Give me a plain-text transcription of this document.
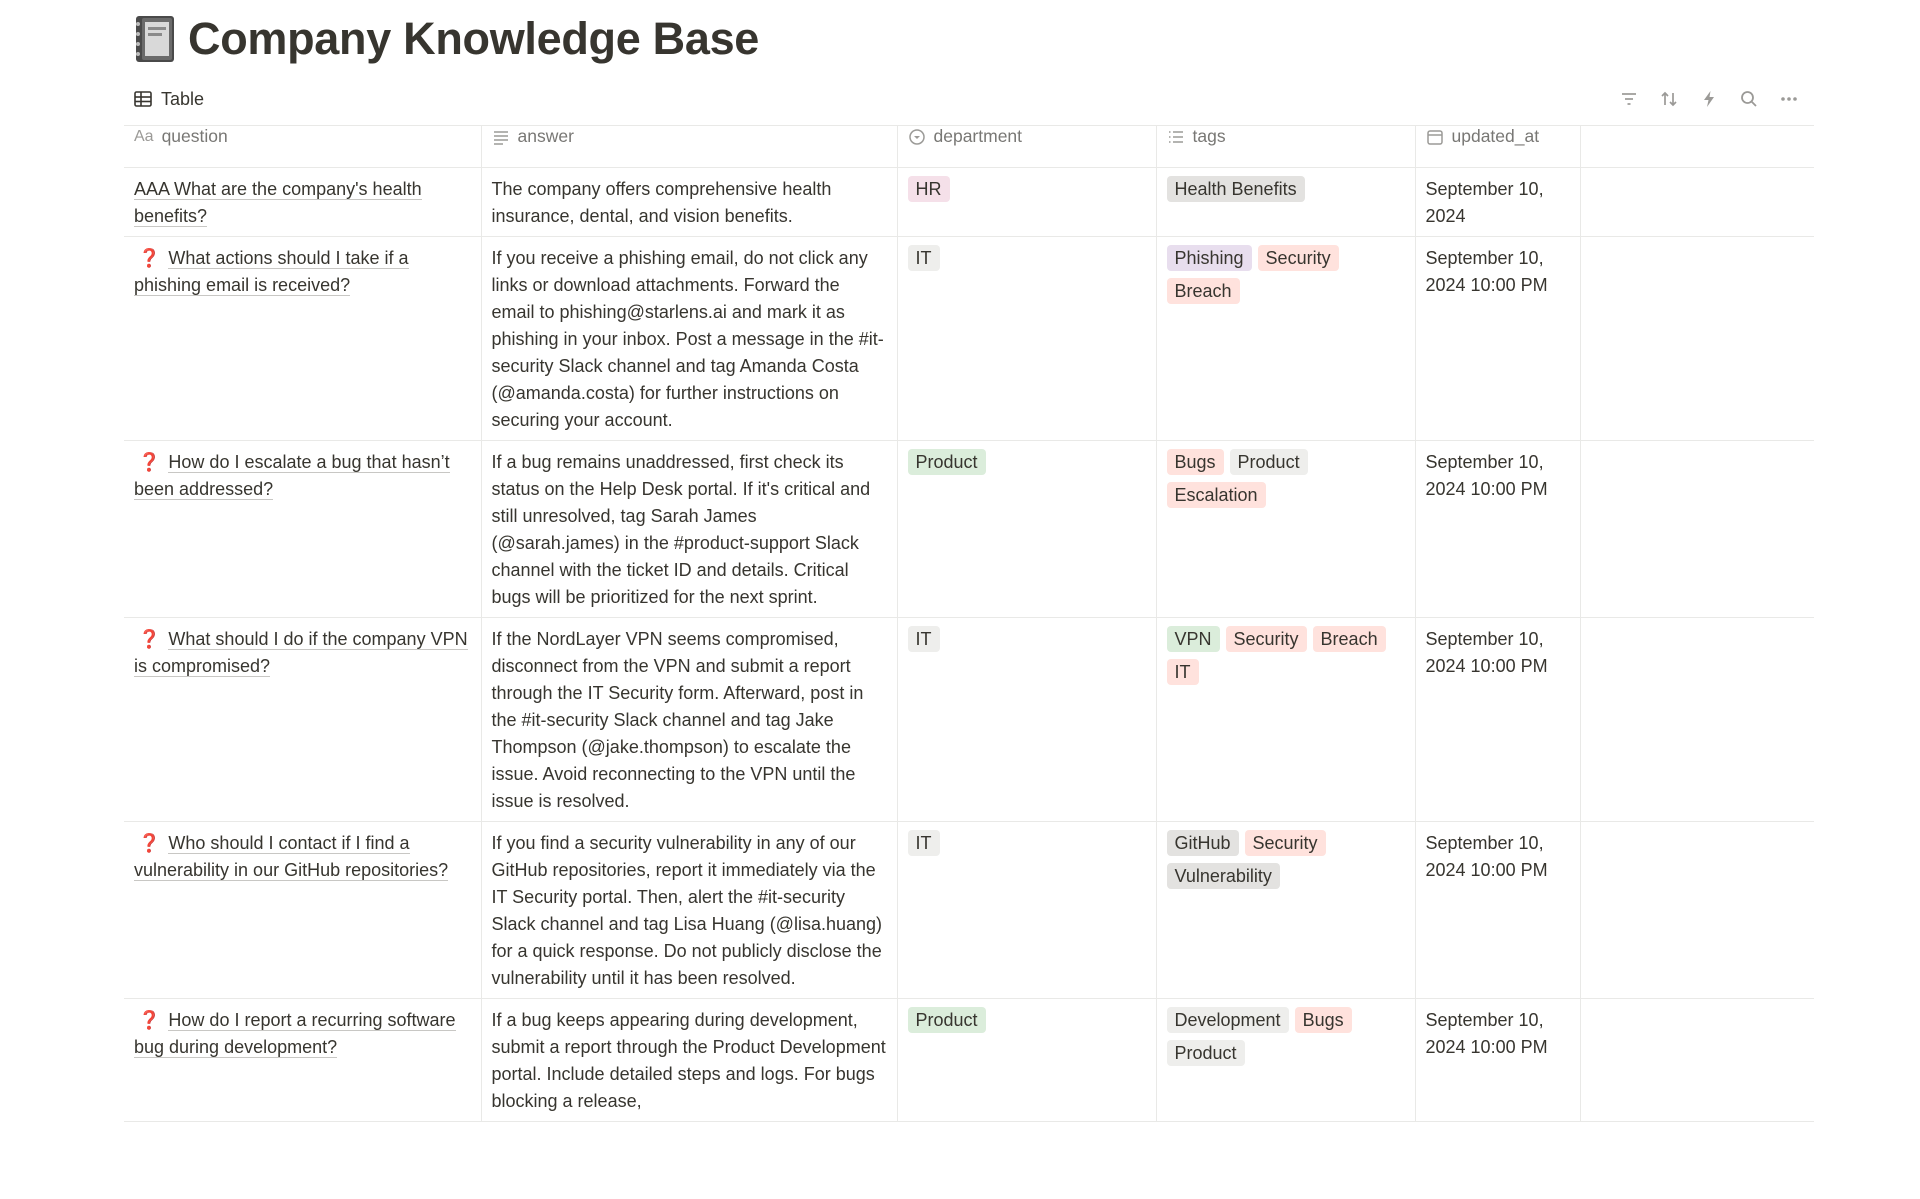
Company Knowledge Base
Table
Aa question	answer	department	tags	updated_at	

AAA What are the company's health benefits?	The company offers comprehensive health insurance, dental, and vision benefits.	HR	Health Benefits	September 10, 2024	

❓ What actions should I take if a phishing email is received?	If you receive a phishing email, do not click any links or download attachments. Forward the email to phishing@starlens.ai and mark it as phishing in your inbox. Post a message in the #it-security Slack channel and tag Amanda Costa (@amanda.costa) for further instructions on securing your account.	IT	Phishing SecurityBreach	September 10, 2024 10:00 PM	

❓ How do I escalate a bug that hasn’t been addressed?	If a bug remains unaddressed, first check its status on the Help Desk portal. If it's critical and still unresolved, tag Sarah James (@sarah.james) in the #product-support Slack channel with the ticket ID and details. Critical bugs will be prioritized for the next sprint.	Product	Bugs ProductEscalation	September 10, 2024 10:00 PM	

❓ What should I do if the company VPN is compromised?	If the NordLayer VPN seems compromised, disconnect from the VPN and submit a report through the IT Security form. Afterward, post in the #it-security Slack channel and tag Jake Thompson (@jake.thompson) to escalate the issue. Avoid reconnecting to the VPN until the issue is resolved.	IT	VPN Security BreachIT	September 10, 2024 10:00 PM	

❓ Who should I contact if I find a vulnerability in our GitHub repositories?	If you find a security vulnerability in any of our GitHub repositories, report it immediately via the IT Security portal. Then, alert the #it-security Slack channel and tag Lisa Huang (@lisa.huang) for a quick response. Do not publicly disclose the vulnerability until it has been resolved.	IT	GitHub SecurityVulnerability	September 10, 2024 10:00 PM	

❓ How do I report a recurring software bug during development?	If a bug keeps appearing during development, submit a report through the Product Development portal. Include detailed steps and logs. For bugs blocking a release,	Product	Development BugsProduct	September 10, 2024 10:00 PM	
